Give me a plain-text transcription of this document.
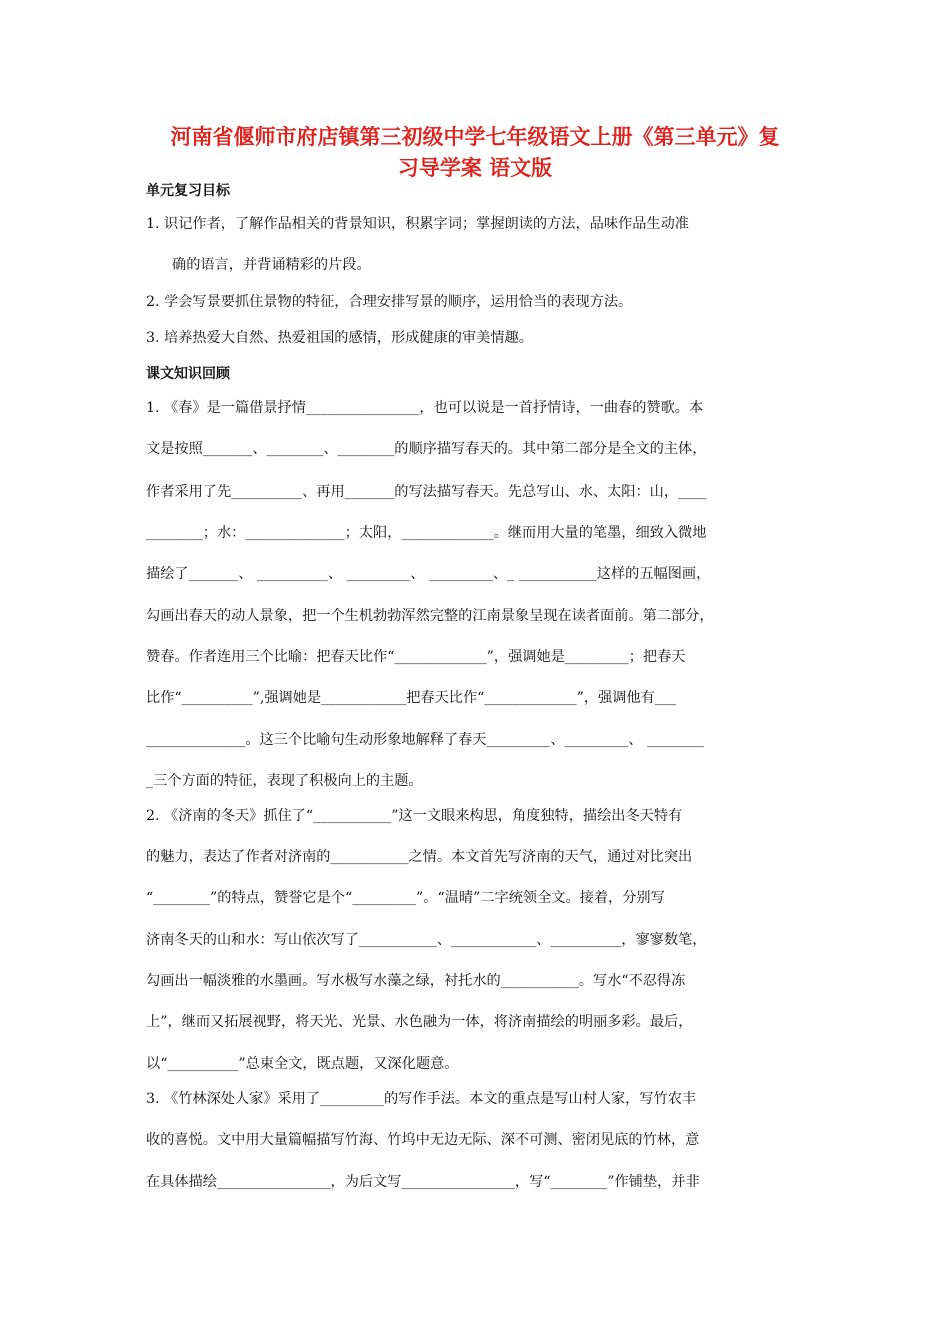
河南省偃师市府店镇第三初级中学七年级语文上册《第三单元》复
习导学案 语文版
单元复习目标
1. 识记作者，了解作品相关的背景知识，积累字词；掌握朗读的方法，品味作品生动准
确的语言，并背诵精彩的片段。
2. 学会写景要抓住景物的特征，合理安排写景的顺序，运用恰当的表现方法。
3. 培养热爱大自然、热爱祖国的感情，形成健康的审美情趣。
课文知识回顾
1. 《春》是一篇借景抒情________________，也可以说是一首抒情诗，一曲春的赞歌。本
文是按照_______、________、________的顺序描写春天的。其中第二部分是全文的主体，
作者采用了先__________、再用_______的写法描写春天。先总写山、水、太阳：山，____
________；水：______________；太阳，_____________。继而用大量的笔墨，细致入微地
描绘了_______、 __________、 _________、 _________、_ ___________这样的五幅图画，
勾画出春天的动人景象，把一个生机勃勃浑然完整的江南景象呈现在读者面前。第二部分，
赞春。作者连用三个比喻：把春天比作“_____________”，强调她是_________；把春天
比作“__________”,强调她是____________把春天比作“_____________”，强调他有___
______________。这三个比喻句生动形象地解释了春天_________、_________、 ________
_三个方面的特征，表现了积极向上的主题。
2. 《济南的冬天》抓住了“___________”这一文眼来构思，角度独特，描绘出冬天特有
的魅力，表达了作者对济南的___________之情。本文首先写济南的天气，通过对比突出
“________”的特点，赞誉它是个“_________”。“温晴”二字统领全文。接着，分别写
济南冬天的山和水：写山依次写了___________、____________、__________，寥寥数笔，
勾画出一幅淡雅的水墨画。写水极写水藻之绿，衬托水的___________。写水“不忍得冻
上”，继而又拓展视野，将天光、光景、水色融为一体，将济南描绘的明丽多彩。最后，
以“__________”总束全文，既点题，又深化题意。
3. 《竹林深处人家》采用了_________的写作手法。本文的重点是写山村人家，写竹农丰
收的喜悦。文中用大量篇幅描写竹海、竹坞中无边无际、深不可测、密闭见底的竹林，意
在具体描绘________________，为后文写________________，写“________”作铺垫，并非
